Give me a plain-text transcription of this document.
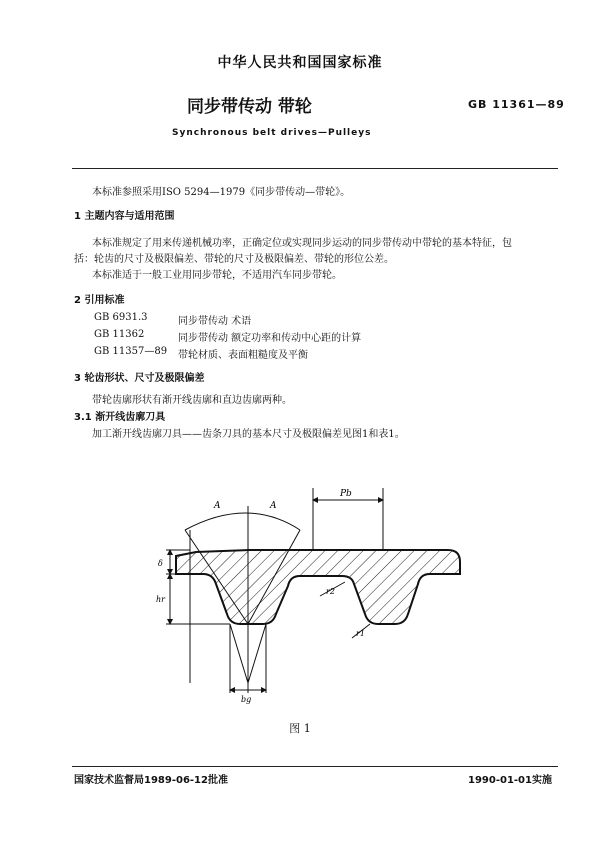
中华人民共和国国家标准
同步带传动 带轮	GB 11361—89
Synchronous belt drives—Pulleys
本标准参照采用ISO 5294—1979《同步带传动—带轮》。
1 主题内容与适用范围
本标准规定了用来传递机械功率，正确定位或实现同步运动的同步带传动中带轮的基本特征，包
括：轮齿的尺寸及极限偏差、带轮的尺寸及极限偏差、带轮的形位公差。
本标准适于一般工业用同步带轮，不适用汽车同步带轮。
2 引用标准
GB 6931.3	同步带传动 术语
GB 11362	同步带传动 额定功率和传动中心距的计算
GB 11357—89 带轮材质、表面粗糙度及平衡
3 轮齿形状、尺寸及极限偏差
带轮齿廓形状有渐开线齿廓和直边齿廓两种。
3.1 渐开线齿廓刀具
加工渐开线齿廓刀具——齿条刀具的基本尺寸及极限偏差见图1和表1。
Pb
A	A
bg
δ
hr
r2
r1
图 1
国家技术监督局1989-06-12批准	1990-01-01实施
